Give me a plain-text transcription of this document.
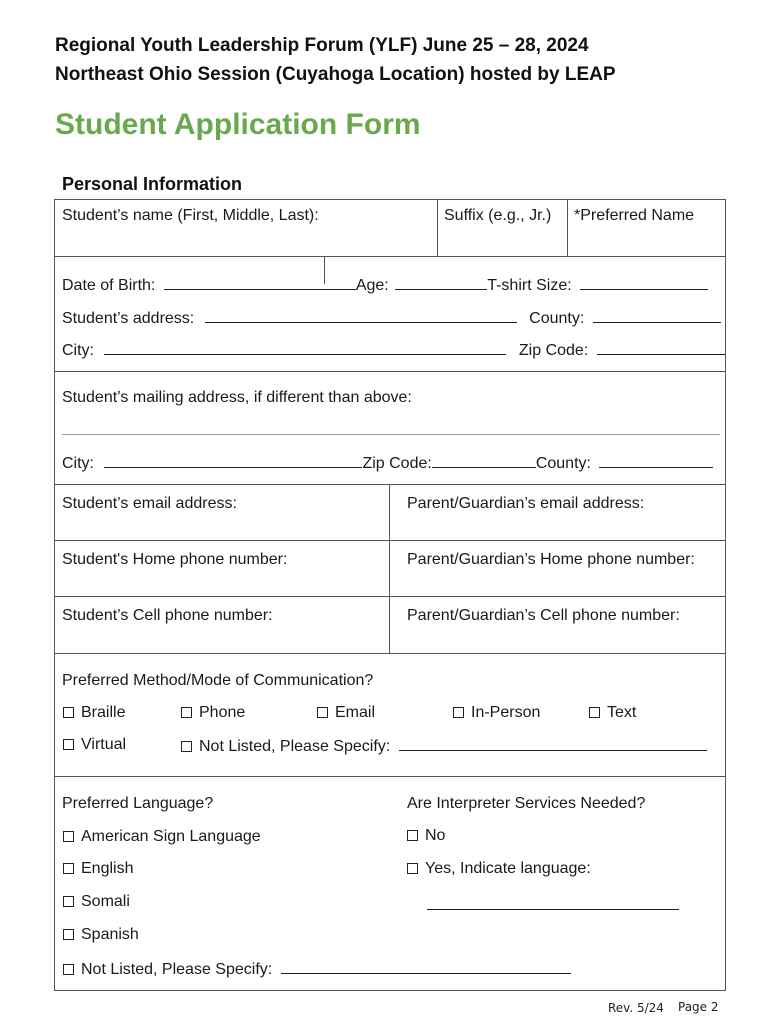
Regional Youth Leadership Forum (YLF) June 25 – 28, 2024
Northeast Ohio Session (Cuyahoga Location) hosted by LEAP
Student Application Form
Personal Information
Student’s name (First, Middle, Last):	Suffix (e.g., Jr.) *Preferred Name
Date of Birth:	Age:	T-shirt Size:
Student’s address:	County:
City:	Zip Code:
Student’s mailing address, if different than above:
City:	Zip Code:	County:
Student’s email address:	Parent/Guardian’s email address:
Student's Home phone number:	Parent/Guardian’s Home phone number:
Student’s Cell phone number:	Parent/Guardian’s Cell phone number:
Preferred Method/Mode of Communication?
Braille	Phone	Email	In-Person	Text
Virtual	Not Listed, Please Specify:
Preferred Language?
American Sign Language
English
Somali
Spanish
Not Listed, Please Specify:
Are Interpreter Services Needed?
No
Yes, Indicate language:
Rev. 5/24 Page 2
